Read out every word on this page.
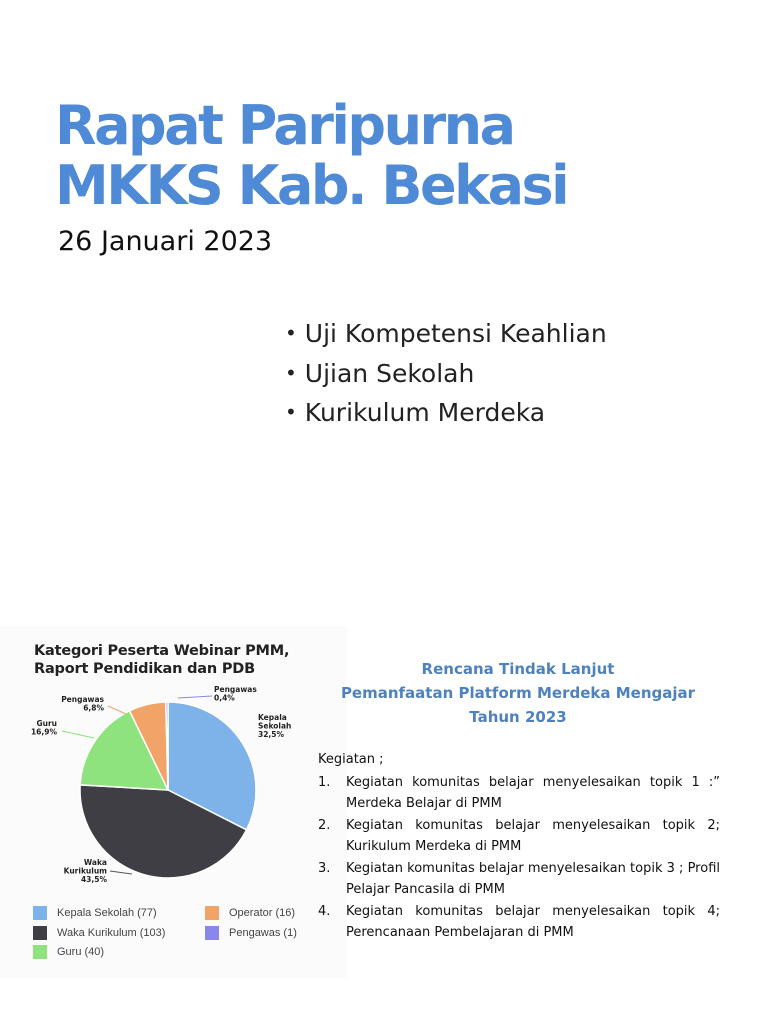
Rapat Paripurna
MKKS Kab. Bekasi
26 Januari 2023
• Uji Kompetensi Keahlian
• Ujian Sekolah
• Kurikulum Merdeka
Kepala Sekolah 32,5%
Waka Kurikulum 43,5%
Guru 16,9%
Pengawas 6,8%
Pengawas 0,4%
Kategori Peserta Webinar PMM,
Raport Pendidikan dan PDB
Kepala Sekolah (77)
Waka Kurikulum (103)
Guru (40)
Operator (16)
Pengawas (1)
Rencana Tindak Lanjut
Pemanfaatan Platform Merdeka Mengajar
Tahun 2023

Kegiatan ;

1.	Kegiatan komunitas belajar menyelesaikan topik 1 :” Merdeka Belajar di PMM
2.	Kegiatan komunitas belajar menyelesaikan topik 2; Kurikulum Merdeka di PMM
3.	Kegiatan komunitas belajar menyelesaikan topik 3 ; Profil Pelajar Pancasila di PMM
4.	Kegiatan komunitas belajar menyelesaikan topik 4; Perencanaan Pembelajaran di PMM
